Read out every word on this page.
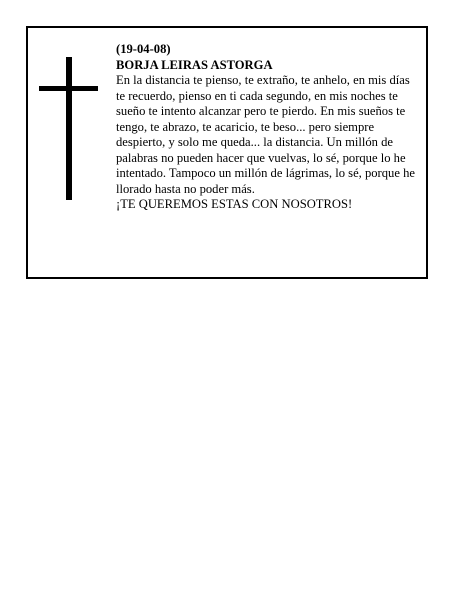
(19-04-08)
BORJA LEIRAS ASTORGA
En la distancia te pienso, te extraño, te anhelo, en mis días te recuerdo, pienso en ti cada segundo, en mis noches te sueño te intento alcanzar pero te pierdo. En mis sueños te tengo, te abrazo, te acaricio, te beso... pero siempre despierto, y solo me queda... la distancia. Un millón de palabras no pueden hacer que vuelvas, lo sé, porque lo he intentado. Tampoco un millón de lágrimas, lo sé, porque he llorado hasta no poder más.
¡TE QUEREMOS ESTAS CON NOSOTROS!
